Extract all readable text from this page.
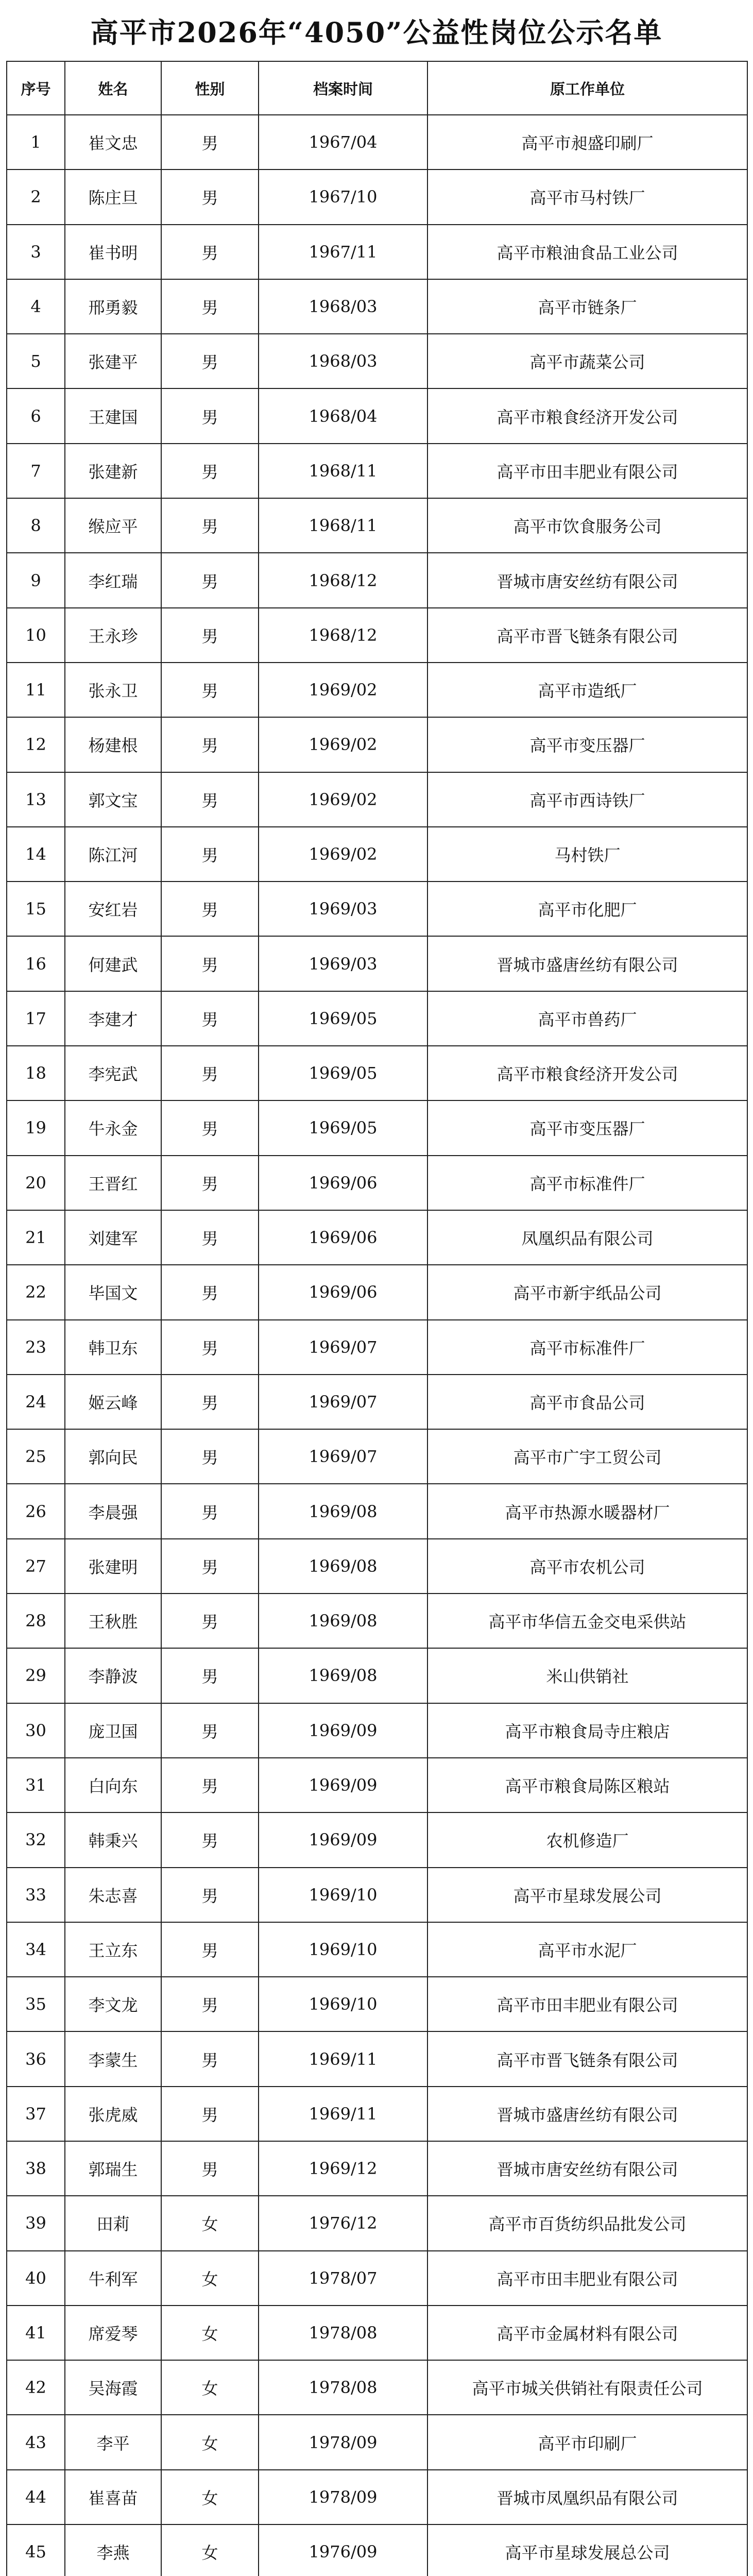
高平市2026年“4050”公益性岗位公示名单
序号	姓名	性别	档案时间	原工作单位
1	崔文忠	男	1967/04	高平市昶盛印刷厂
2	陈庄旦	男	1967/10	高平市马村铁厂
3	崔书明	男	1967/11	高平市粮油食品工业公司
4	邢勇毅	男	1968/03	高平市链条厂
5	张建平	男	1968/03	高平市蔬菜公司
6	王建国	男	1968/04	高平市粮食经济开发公司
7	张建新	男	1968/11	高平市田丰肥业有限公司
8	缑应平	男	1968/11	高平市饮食服务公司
9	李红瑞	男	1968/12	晋城市唐安丝纺有限公司
10	王永珍	男	1968/12	高平市晋飞链条有限公司
11	张永卫	男	1969/02	高平市造纸厂
12	杨建根	男	1969/02	高平市变压器厂
13	郭文宝	男	1969/02	高平市西诗铁厂
14	陈江河	男	1969/02	马村铁厂
15	安红岩	男	1969/03	高平市化肥厂
16	何建武	男	1969/03	晋城市盛唐丝纺有限公司
17	李建才	男	1969/05	高平市兽药厂
18	李宪武	男	1969/05	高平市粮食经济开发公司
19	牛永金	男	1969/05	高平市变压器厂
20	王晋红	男	1969/06	高平市标准件厂
21	刘建军	男	1969/06	凤凰织品有限公司
22	毕国文	男	1969/06	高平市新宇纸品公司
23	韩卫东	男	1969/07	高平市标准件厂
24	姬云峰	男	1969/07	高平市食品公司
25	郭向民	男	1969/07	高平市广宇工贸公司
26	李晨强	男	1969/08	高平市热源水暖器材厂
27	张建明	男	1969/08	高平市农机公司
28	王秋胜	男	1969/08	高平市华信五金交电采供站
29	李静波	男	1969/08	米山供销社
30	庞卫国	男	1969/09	高平市粮食局寺庄粮店
31	白向东	男	1969/09	高平市粮食局陈区粮站
32	韩秉兴	男	1969/09	农机修造厂
33	朱志喜	男	1969/10	高平市星球发展公司
34	王立东	男	1969/10	高平市水泥厂
35	李文龙	男	1969/10	高平市田丰肥业有限公司
36	李蒙生	男	1969/11	高平市晋飞链条有限公司
37	张虎威	男	1969/11	晋城市盛唐丝纺有限公司
38	郭瑞生	男	1969/12	晋城市唐安丝纺有限公司
39	田莉	女	1976/12	高平市百货纺织品批发公司
40	牛利军	女	1978/07	高平市田丰肥业有限公司
41	席爱琴	女	1978/08	高平市金属材料有限公司
42	吴海霞	女	1978/08	高平市城关供销社有限责任公司
43	李平	女	1978/09	高平市印刷厂
44	崔喜苗	女	1978/09	晋城市凤凰织品有限公司
45	李燕	女	1976/09	高平市星球发展总公司
